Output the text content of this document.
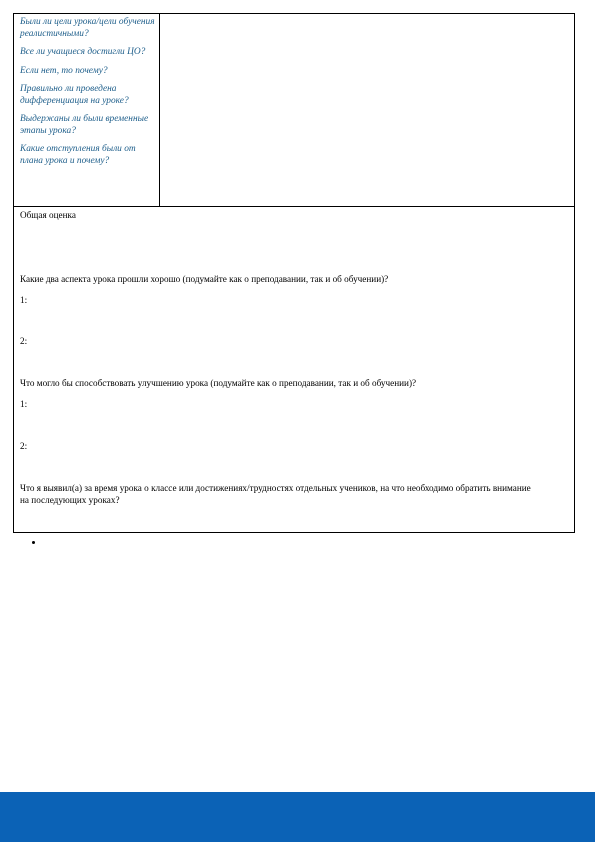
Были ли цели урока/цели обучения реалистичными?

Все ли учащиеся достигли ЦО?

Если нет, то почему?

Правильно ли проведена дифференциация на уроке?

Выдержаны ли были временные этапы урока?

Какие отступления были от плана урока и почему?

Общая оценка
Какие два аспекта урока прошли хорошо (подумайте как о преподавании, так и об обучении)?
1:
2:
Что могло бы способствовать улучшению урока (подумайте как о преподавании, так и об обучении)?
1:
2:
Что я выявил(а) за время урока о классе или достижениях/трудностях отдельных учеников, на что необходимо обратить внимание на последующих уроках?
